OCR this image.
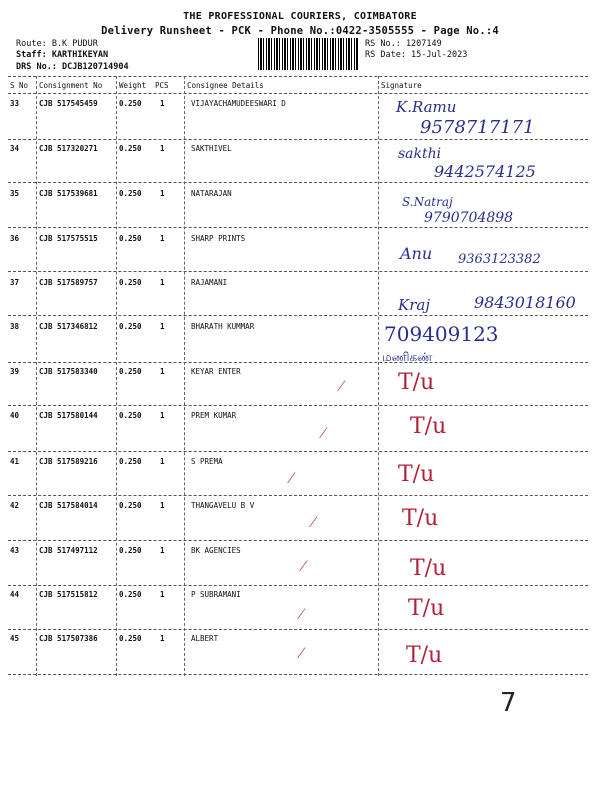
THE PROFESSIONAL COURIERS, COIMBATORE
Delivery Runsheet - PCK - Phone No.:0422-3505555 - Page No.:4
Route: B.K PUDUR
Staff: KARTHIKEYAN
DRS No.: DCJB120714904
RS No.: 1207149
RS Date: 15-Jul-2023
S No Consignment No Weight PCS Consignee Details	Signature
33	CJB 517545459	0.250 1	VIJAYACHAMUDEESWARI D	K.Ramu
9578717171
34	CJB 517320271	0.250 1	SAKTHIVEL	sakthi
9442574125
35	CJB 517539681	0.250 1	NATARAJAN
S.Natraj
9790704898
36	CJB 517575515	0.250 1	SHARP PRINTS
Anu 9363123382
37	CJB 517589757	0.250 1	RAJAMANI
Kraj	9843018160
38	CJB 517346812	0.250 1	BHARATH KUMMAR	709409123
மணிகண்
39	CJB 517583340	0.250 1	KEYAR ENTER	T/u
⁄
40	CJB 517580144	0.250 1	PREM KUMAR	T/u
⁄
41	CJB 517589216	0.250 1	S PREMA
T/u
⁄
42	CJB 517584014	0.250 1	THANGAVELU B V
T/u
⁄
43	CJB 517497112	0.250 1	BK AGENCIES
T/u
⁄
44	CJB 517515812	0.250 1	P SUBRAMANI
T/u
⁄
45	CJB 517507386	0.250 1	ALBERT
T/u
⁄
7
